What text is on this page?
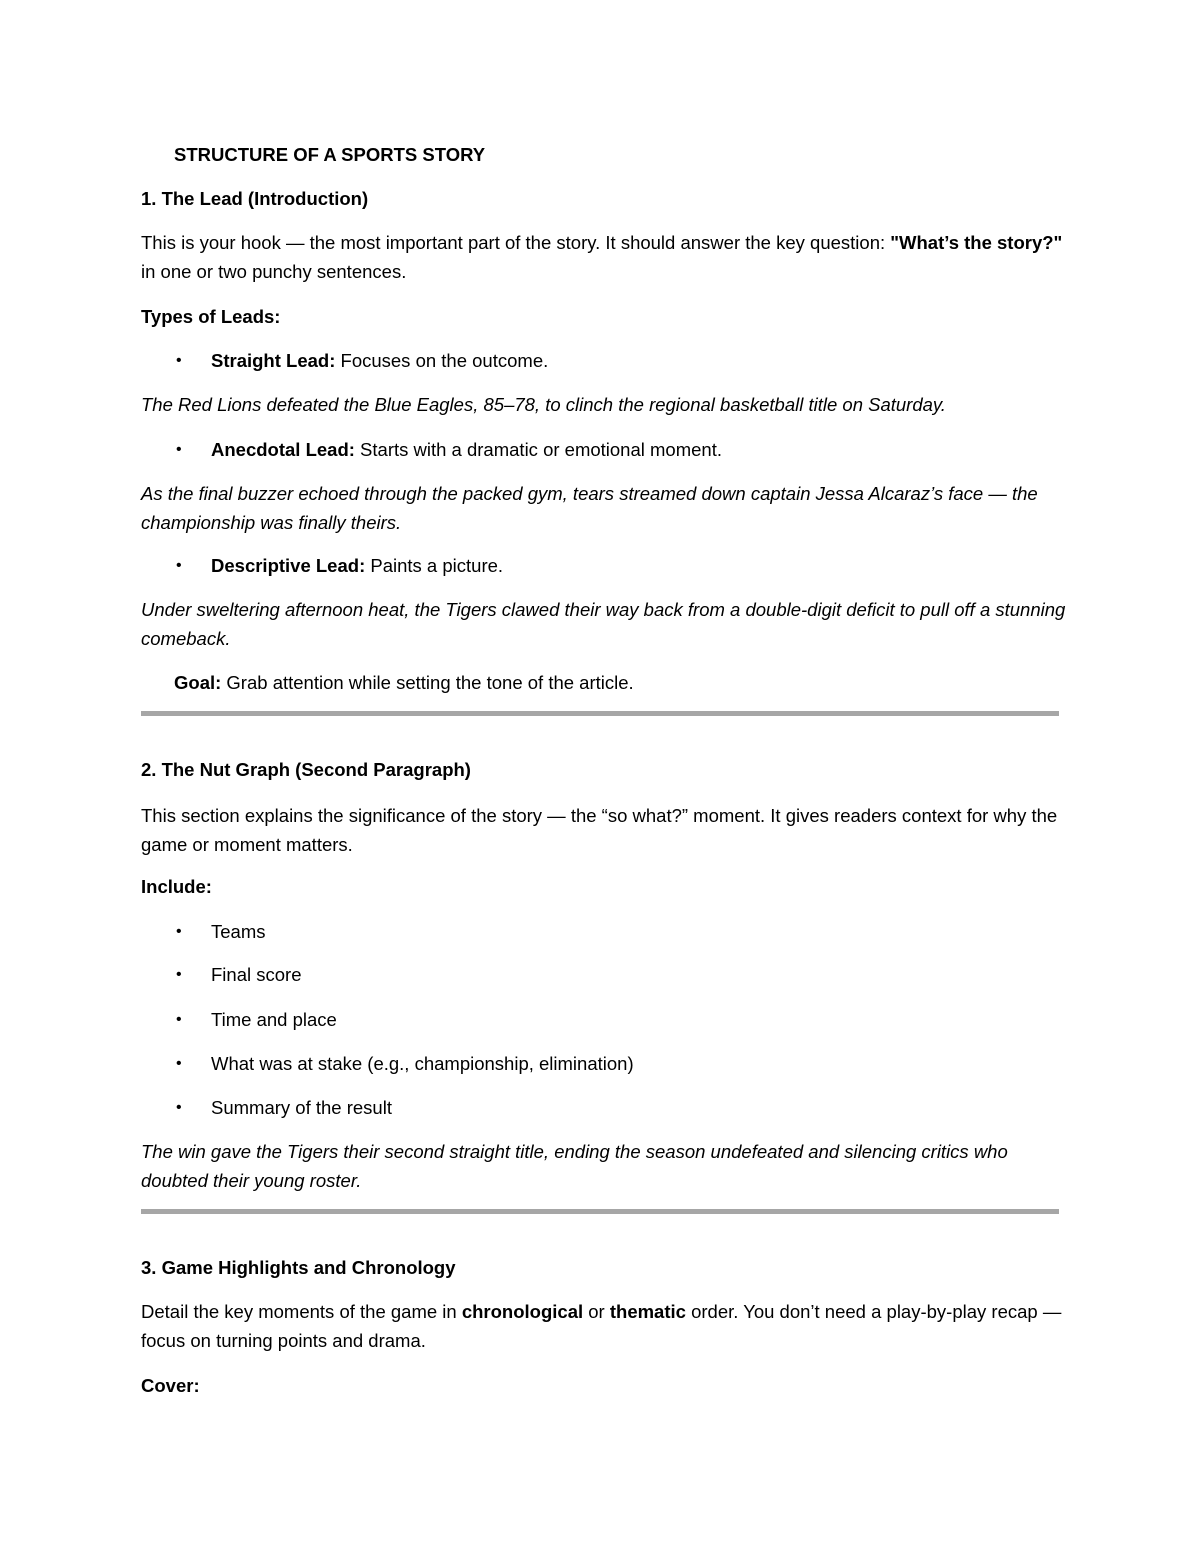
STRUCTURE OF A SPORTS STORY

1. The Lead (Introduction)

This is your hook — the most important part of the story. It should answer the key question: "What’s the story?" in one or two punchy sentences.

Types of Leads:

• Straight Lead: Focuses on the outcome.

The Red Lions defeated the Blue Eagles, 85–78, to clinch the regional basketball title on Saturday.

• Anecdotal Lead: Starts with a dramatic or emotional moment.

As the final buzzer echoed through the packed gym, tears streamed down captain Jessa Alcaraz’s face — the championship was finally theirs.

• Descriptive Lead: Paints a picture.

Under sweltering afternoon heat, the Tigers clawed their way back from a double-digit deficit to pull off a stunning comeback.

Goal: Grab attention while setting the tone of the article.

2. The Nut Graph (Second Paragraph)

This section explains the significance of the story — the “so what?” moment. It gives readers context for why the game or moment matters.

Include:

• Teams

• Final score

• Time and place

• What was at stake (e.g., championship, elimination)

• Summary of the result

The win gave the Tigers their second straight title, ending the season undefeated and silencing critics who doubted their young roster.

3. Game Highlights and Chronology

Detail the key moments of the game in chronological or thematic order. You don’t need a play-by-play recap — focus on turning points and drama.

Cover:
